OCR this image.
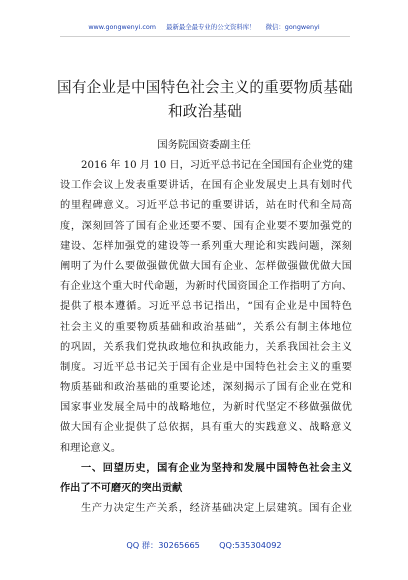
www.gongwenyi.com 最新最全最专业的公文资料库！ 微信：gongwenyi
国有企业是中国特色社会主义的重要物质基础
和政治基础
国务院国资委副主任
2016 年 10 月 10 日，习近平总书记在全国国有企业党的建
设工作会议上发表重要讲话，在国有企业发展史上具有划时代
的里程碑意义。习近平总书记的重要讲话，站在时代和全局高
度，深刻回答了国有企业还要不要、国有企业要不要加强党的
建设、怎样加强党的建设等一系列重大理论和实践问题，深刻
阐明了为什么要做强做优做大国有企业、怎样做强做优做大国
有企业这个重大时代命题，为新时代国资国企工作指明了方向、
提供了根本遵循。习近平总书记指出，“国有企业是中国特色
社会主义的重要物质基础和政治基础”，关系公有制主体地位
的巩固，关系我们党执政地位和执政能力，关系我国社会主义
制度。习近平总书记关于国有企业是中国特色社会主义的重要
物质基础和政治基础的重要论述，深刻揭示了国有企业在党和
国家事业发展全局中的战略地位，为新时代坚定不移做强做优
做大国有企业提供了总依据，具有重大的实践意义、战略意义
和理论意义。
一、回望历史，国有企业为坚持和发展中国特色社会主义
作出了不可磨灭的突出贡献
生产力决定生产关系，经济基础决定上层建筑。国有企业
QQ 群：30265665 QQ:535304092
